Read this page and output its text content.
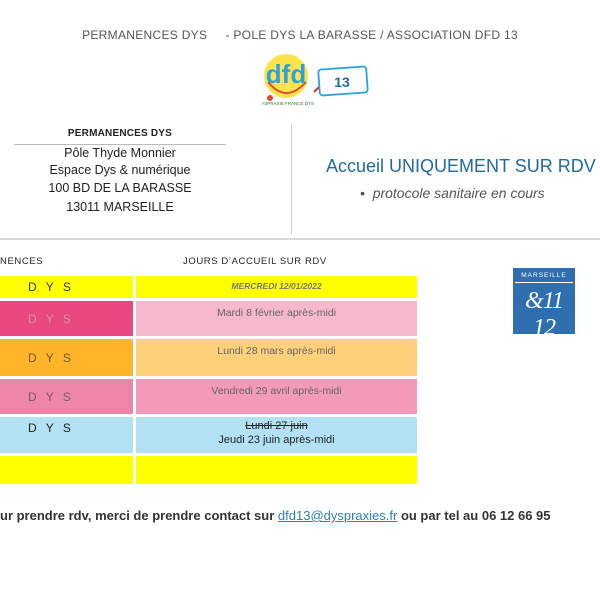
PERMANENCES DYS - POLE DYS LA BARASSE / ASSOCIATION DFD 13
dfd
DYSPRAXIE FRANCE DYS
13
PERMANENCES DYS
Pôle Thyde Monnier
Espace Dys & numérique
100 BD DE LA BARASSE
13011 MARSEILLE
Accueil UNIQUEMENT SUR RDV
• protocole sanitaire en cours
NENCES	JOURS D’ACCUEIL SUR RDV
D Y S	MERCREDI 12/01/2022
D Y S	Mardi 8 février après-midi
D Y S	Lundi 28 mars après-midi
D Y S	Vendredi 29 avril après-midi
D Y S	Lundi 27 juin
Jeudi 23 juin après-midi
MARSEILLE
&11 12
ur prendre rdv, merci de prendre contact sur dfd13@dyspraxies.fr ou par tel au 06 12 66 95
